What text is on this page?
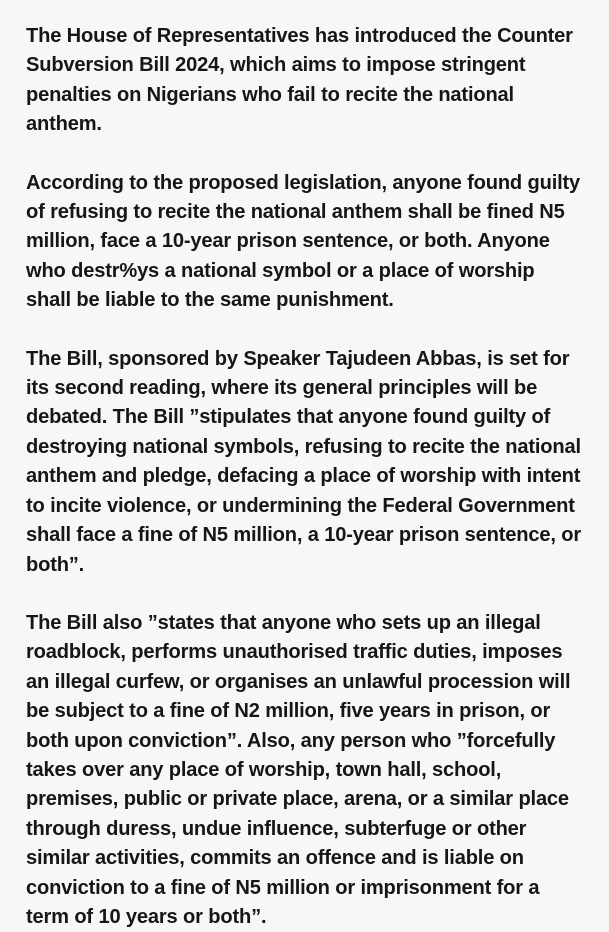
The House of Representatives has introduced the Counter Subversion Bill 2024, which aims to impose stringent penalties on Nigerians who fail to recite the national anthem.

According to the proposed legislation, anyone found guilty of refusing to recite the national anthem shall be fined N5 million, face a 10-year prison sentence, or both. Anyone who destr%ys a national symbol or a place of worship shall be liable to the same punishment.

The Bill, sponsored by Speaker Tajudeen Abbas, is set for its second reading, where its general principles will be debated. The Bill ”stipulates that anyone found guilty of destroying national symbols, refusing to recite the national anthem and pledge, defacing a place of worship with intent to incite violence, or undermining the Federal Government shall face a fine of N5 million, a 10-year prison sentence, or both”.

The Bill also ”states that anyone who sets up an illegal roadblock, performs unauthorised traffic duties, imposes an illegal curfew, or organises an unlawful procession will be subject to a fine of N2 million, five years in prison, or both upon conviction”. Also, any person who ”forcefully takes over any place of worship, town hall, school, premises, public or private place, arena, or a similar place through duress, undue influence, subterfuge or other similar activities, commits an offence and is liable on conviction to a fine of N5 million or imprisonment for a term of 10 years or both”.
